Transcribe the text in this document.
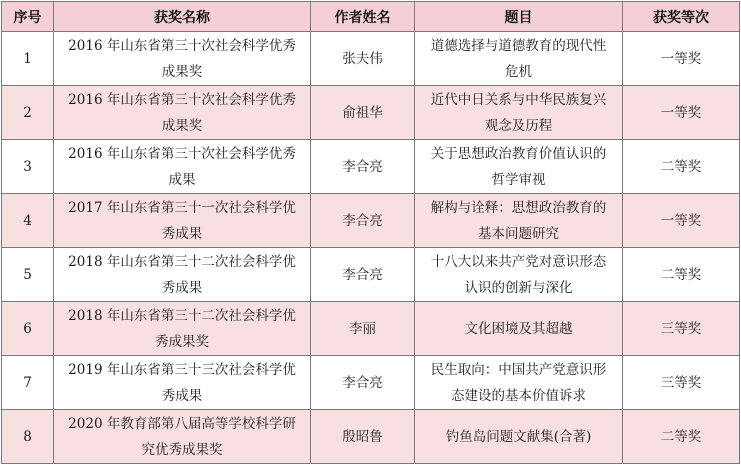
序号	获奖名称	作者姓名	题目	获奖等次
1	2016 年山东省第三十次社会科学优秀成果奖	张夫伟	道德选择与道德教育的现代性危机	一等奖
2	2016 年山东省第三十次社会科学优秀成果奖	俞祖华	近代中日关系与中华民族复兴观念及历程	一等奖
3	2016 年山东省第三十次社会科学优秀成果	李合亮	关于思想政治教育价值认识的哲学审视	二等奖
4	2017 年山东省第三十一次社会科学优秀成果	李合亮	解构与诠释：思想政治教育的基本问题研究	一等奖
5	2018 年山东省第三十二次社会科学优秀成果	李合亮	十八大以来共产党对意识形态认识的创新与深化	二等奖
6	2018 年山东省第三十二次社会科学优秀成果奖	李丽	文化困境及其超越	三等奖
7	2019 年山东省第三十三次社会科学优秀成果	李合亮	民生取向：中国共产党意识形态建设的基本价值诉求	三等奖
8	2020 年教育部第八届高等学校科学研究优秀成果奖	殷昭鲁	钓鱼岛问题文献集(合著)	二等奖
